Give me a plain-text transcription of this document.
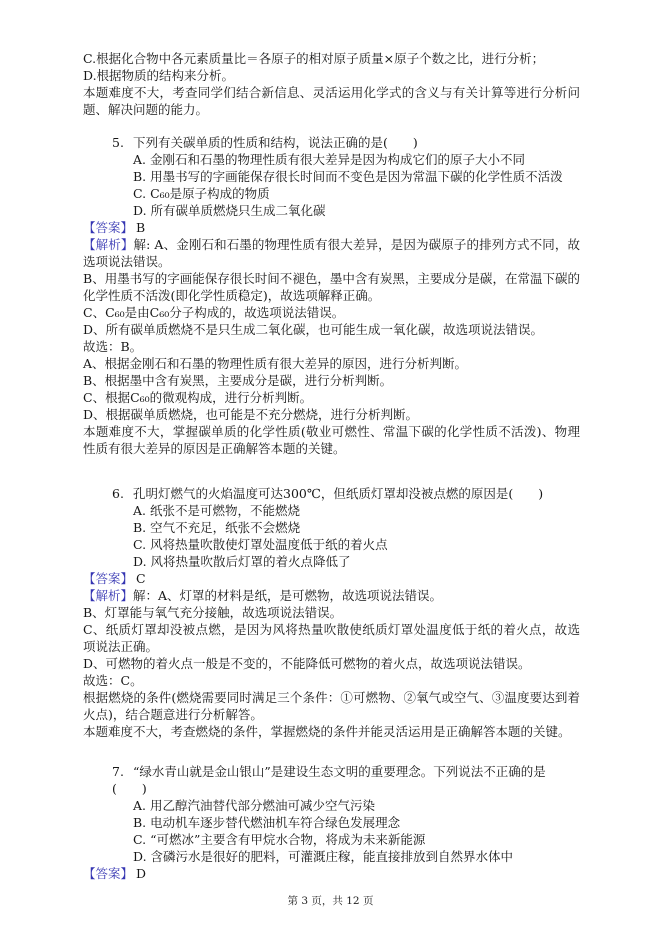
C.根据化合物中各元素质量比＝各原子的相对原子质量×原子个数之比，进行分析；

D.根据物质的结构来分析。

本题难度不大，考查同学们结合新信息、灵活运用化学式的含义与有关计算等进行分析问题、解决问题的能力。

5. 下列有关碳单质的性质和结构，说法正确的是(　　)

A. 金刚石和石墨的物理性质有很大差异是因为构成它们的原子大小不同

B. 用墨书写的字画能保存很长时间而不变色是因为常温下碳的化学性质不活泼

C. C₆₀是原子构成的物质

D. 所有碳单质燃烧只生成二氧化碳

【答案】 B

【解析】解: A、金刚石和石墨的物理性质有很大差异，是因为碳原子的排列方式不同，故选项说法错误。

B、用墨书写的字画能保存很长时间不褪色，墨中含有炭黑，主要成分是碳，在常温下碳的化学性质不活泼(即化学性质稳定)，故选项解释正确。

C、C₆₀是由C₆₀分子构成的，故选项说法错误。

D、所有碳单质燃烧不是只生成二氧化碳，也可能生成一氧化碳，故选项说法错误。

故选：B。

A、根据金刚石和石墨的物理性质有很大差异的原因，进行分析判断。

B、根据墨中含有炭黑，主要成分是碳，进行分析判断。

C、根据C₆₀的微观构成，进行分析判断。

D、根据碳单质燃烧，也可能是不充分燃烧，进行分析判断。

本题难度不大，掌握碳单质的化学性质(敬业可燃性、常温下碳的化学性质不活泼)、物理性质有很大差异的原因是正确解答本题的关键。

6. 孔明灯燃气的火焰温度可达300℃，但纸质灯罩却没被点燃的原因是(　　)

A. 纸张不是可燃物，不能燃烧

B. 空气不充足，纸张不会燃烧

C. 风将热量吹散使灯罩处温度低于纸的着火点

D. 风将热量吹散后灯罩的着火点降低了

【答案】 C

【解析】解：A、灯罩的材料是纸，是可燃物，故选项说法错误。

B、灯罩能与氧气充分接触，故选项说法错误。

C、纸质灯罩却没被点燃，是因为风将热量吹散使纸质灯罩处温度低于纸的着火点，故选项说法正确。

D、可燃物的着火点一般是不变的，不能降低可燃物的着火点，故选项说法错误。

故选：C。

根据燃烧的条件(燃烧需要同时满足三个条件：①可燃物、②氧气或空气、③温度要达到着火点)，结合题意进行分析解答。

本题难度不大，考查燃烧的条件，掌握燃烧的条件并能灵活运用是正确解答本题的关键。

7. “绿水青山就是金山银山”是建设生态文明的重要理念。下列说法不正确的是(　　)

A. 用乙醇汽油替代部分燃油可减少空气污染

B. 电动机车逐步替代燃油机车符合绿色发展理念

C. “可燃冰”主要含有甲烷水合物，将成为未来新能源

D. 含磷污水是很好的肥料，可灌溉庄稼，能直接排放到自然界水体中

【答案】 D

第 3 页，共 12 页
